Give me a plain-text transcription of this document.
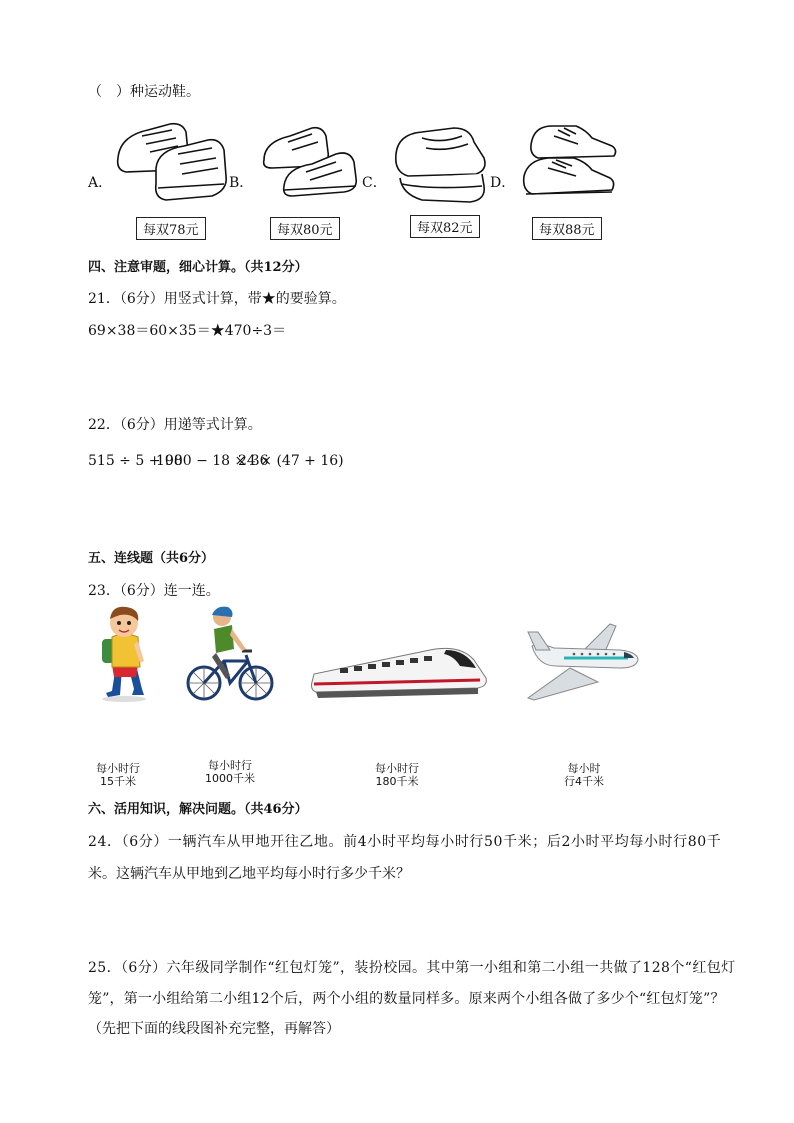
（　）种运动鞋。
A．
每双78元
B．
每双80元
C．
每双82元
D．
每双88元
四、注意审题，细心计算。（共12分）
21．（6分）用竖式计算，带★的要验算。
69×38＝60×35＝★470÷3＝
22．（6分）用递等式计算。
515 ÷ 5 + 98
1000 − 18 × 36
24 × (47 + 16)
五、连线题（共6分）
23．（6分）连一连。
每小时行
15千米
每小时行
1000千米
每小时行
180千米
每小时
行4千米
六、活用知识，解决问题。（共46分）
24．（6分）一辆汽车从甲地开往乙地。前4小时平均每小时行50千米；后2小时平均每小时行80千
米。这辆汽车从甲地到乙地平均每小时行多少千米？
25．（6分）六年级同学制作“红包灯笼”，装扮校园。其中第一小组和第二小组一共做了128个“红包灯
笼”，第一小组给第二小组12个后，两个小组的数量同样多。原来两个小组各做了多少个“红包灯笼”？
（先把下面的线段图补充完整，再解答）
